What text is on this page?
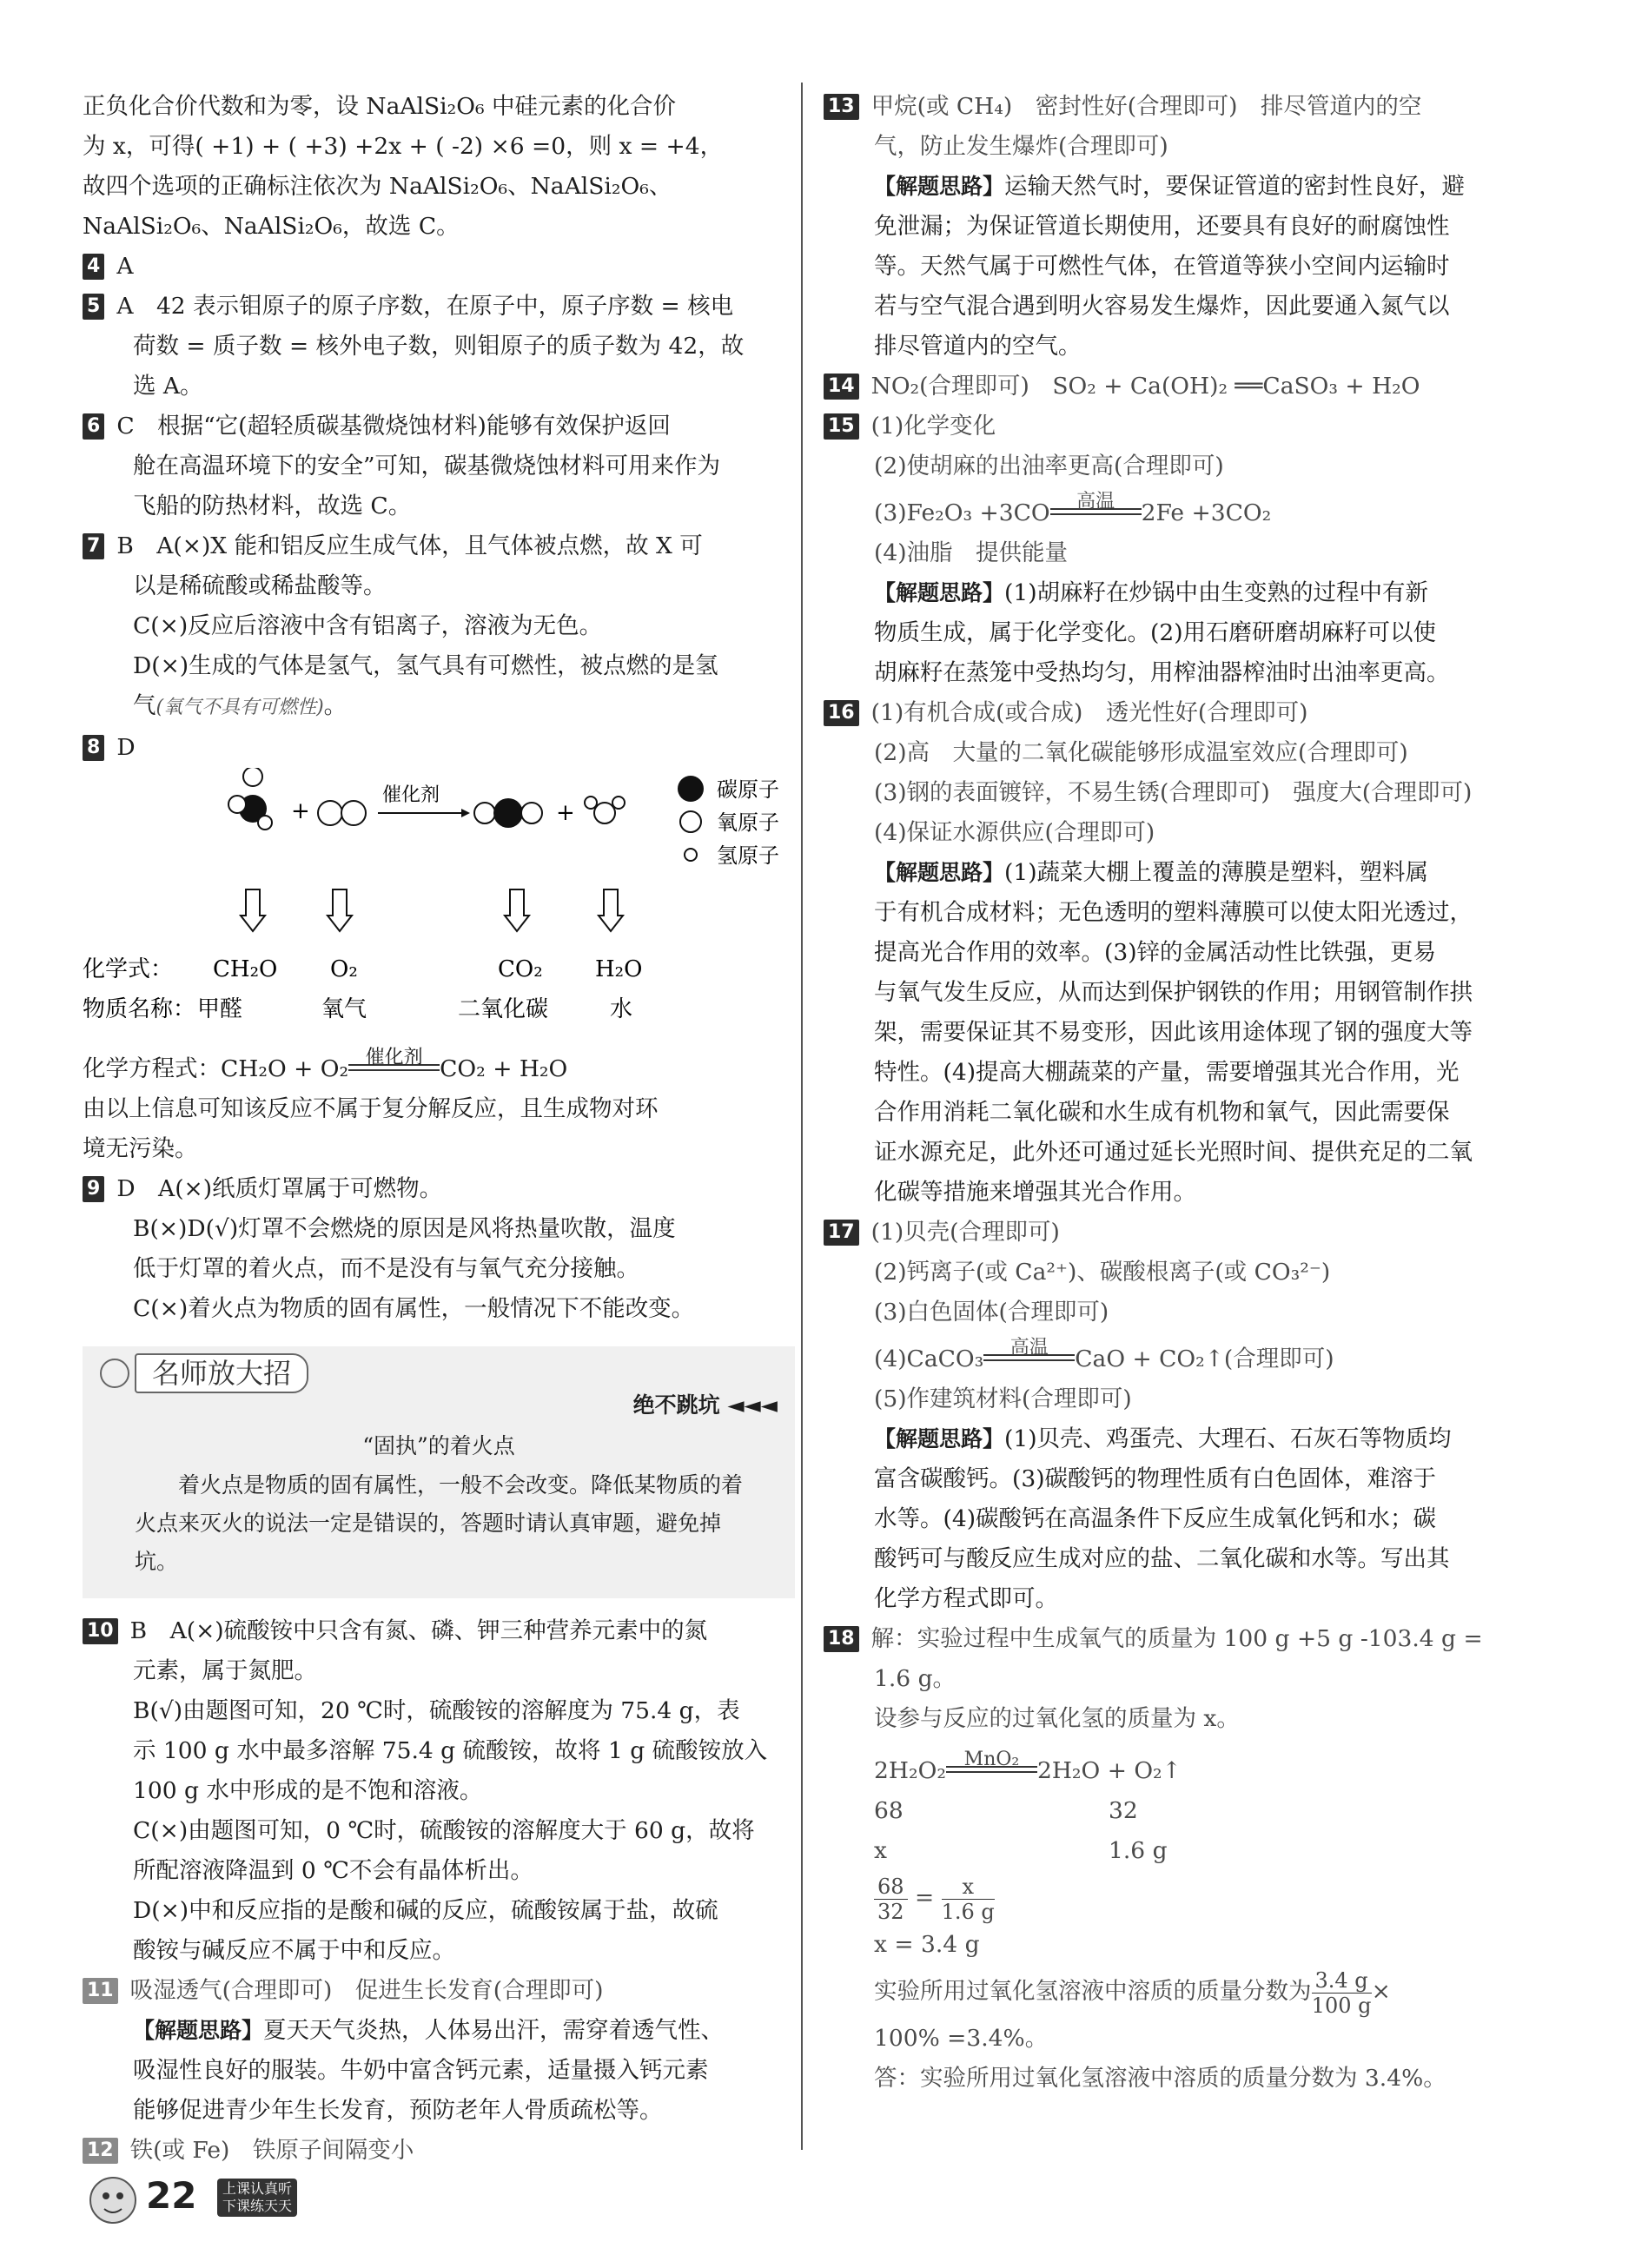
正负化合价代数和为零，设 NaAlSi₂O₆ 中硅元素的化合价

为 x，可得( +1) + ( +3) +2x + ( -2) ×6 =0，则 x = +4，

故四个选项的正确标注依次为 NaAlSi₂O₆、NaAlSi₂O₆、

NaAlSi₂O₆、NaAlSi₂O₆，故选 C。

4 A

5 A　42 表示钼原子的原子序数，在原子中，原子序数 = 核电

荷数 = 质子数 = 核外电子数，则钼原子的质子数为 42，故

选 A。

6 C　根据“它(超轻质碳基微烧蚀材料)能够有效保护返回

舱在高温环境下的安全”可知，碳基微烧蚀材料可用来作为

飞船的防热材料，故选 C。

7 B　A(×)X 能和铝反应生成气体，且气体被点燃，故 X 可

以是稀硫酸或稀盐酸等。

C(×)反应后溶液中含有铝离子，溶液为无色。

D(×)生成的气体是氢气，氢气具有可燃性，被点燃的是氢

气(氧气不具有可燃性)。

8 D

+
催化剂
+
碳原子
氧原子
氢原子
化学式： CH₂O O₂	CO₂ H₂O
物质名称： 甲醛	氧气	二氧化碳	水

化学方程式：CH₂O + O₂ 催化剂 CO₂ + H₂O

由以上信息可知该反应不属于复分解反应，且生成物对环

境无污染。

9 D　A(×)纸质灯罩属于可燃物。

B(×)D(√)灯罩不会燃烧的原因是风将热量吹散，温度

低于灯罩的着火点，而不是没有与氧气充分接触。

C(×)着火点为物质的固有属性，一般情况下不能改变。

名师放大招
绝不跳坑 ◄◄◄
“固执”的着火点
　　着火点是物质的固有属性，一般不会改变。降低某物质的着火点来灭火的说法一定是错误的，答题时请认真审题，避免掉坑。

10 B　A(×)硫酸铵中只含有氮、磷、钾三种营养元素中的氮

元素，属于氮肥。

B(√)由题图可知，20 ℃时，硫酸铵的溶解度为 75.4 g，表

示 100 g 水中最多溶解 75.4 g 硫酸铵，故将 1 g 硫酸铵放入

100 g 水中形成的是不饱和溶液。

C(×)由题图可知，0 ℃时，硫酸铵的溶解度大于 60 g，故将

所配溶液降温到 0 ℃不会有晶体析出。

D(×)中和反应指的是酸和碱的反应，硫酸铵属于盐，故硫

酸铵与碱反应不属于中和反应。

11 吸湿透气(合理即可)　促进生长发育(合理即可)

【解题思路】夏天天气炎热，人体易出汗，需穿着透气性、

吸湿性良好的服装。牛奶中富含钙元素，适量摄入钙元素

能够促进青少年生长发育，预防老年人骨质疏松等。

12 铁(或 Fe)　铁原子间隔变小

13 甲烷(或 CH₄)　密封性好(合理即可)　排尽管道内的空

气，防止发生爆炸(合理即可)

【解题思路】运输天然气时，要保证管道的密封性良好，避

免泄漏；为保证管道长期使用，还要具有良好的耐腐蚀性

等。天然气属于可燃性气体，在管道等狭小空间内运输时

若与空气混合遇到明火容易发生爆炸，因此要通入氮气以

排尽管道内的空气。

14 NO₂(合理即可)　SO₂ + Ca(OH)₂ ══CaSO₃ + H₂O

15 (1)化学变化

(2)使胡麻的出油率更高(合理即可)

(3)Fe₂O₃ +3CO	高温	2Fe +3CO₂

(4)油脂　提供能量

【解题思路】(1)胡麻籽在炒锅中由生变熟的过程中有新

物质生成，属于化学变化。(2)用石磨研磨胡麻籽可以使

胡麻籽在蒸笼中受热均匀，用榨油器榨油时出油率更高。

16 (1)有机合成(或合成)　透光性好(合理即可)

(2)高　大量的二氧化碳能够形成温室效应(合理即可)

(3)钢的表面镀锌，不易生锈(合理即可)　强度大(合理即可)

(4)保证水源供应(合理即可)

【解题思路】(1)蔬菜大棚上覆盖的薄膜是塑料，塑料属

于有机合成材料；无色透明的塑料薄膜可以使太阳光透过，

提高光合作用的效率。(3)锌的金属活动性比铁强，更易

与氧气发生反应，从而达到保护钢铁的作用；用钢管制作拱

架，需要保证其不易变形，因此该用途体现了钢的强度大等

特性。(4)提高大棚蔬菜的产量，需要增强其光合作用，光

合作用消耗二氧化碳和水生成有机物和氧气，因此需要保

证水源充足，此外还可通过延长光照时间、提供充足的二氧

化碳等措施来增强其光合作用。

17 (1)贝壳(合理即可)

(2)钙离子(或 Ca²⁺)、碳酸根离子(或 CO₃²⁻)

(3)白色固体(合理即可)

(4)CaCO₃	高温	CaO + CO₂↑(合理即可)

(5)作建筑材料(合理即可)

【解题思路】(1)贝壳、鸡蛋壳、大理石、石灰石等物质均

富含碳酸钙。(3)碳酸钙的物理性质有白色固体，难溶于

水等。(4)碳酸钙在高温条件下反应生成氧化钙和水；碳

酸钙可与酸反应生成对应的盐、二氧化碳和水等。写出其

化学方程式即可。

18 解：实验过程中生成氧气的质量为 100 g +5 g -103.4 g =

1.6 g。

设参与反应的过氧化氢的质量为 x。

2H₂O₂ MnO₂ 2H₂O + O₂↑

68	32

x	1.6 g

$\frac{68}{32} = \frac{x}{1.6 g}$

x = 3.4 g

实验所用过氧化氢溶液中溶质的质量分数为 $\frac{3.4 g}{100 g}$ ×

100% =3.4%。

答：实验所用过氧化氢溶液中溶质的质量分数为 3.4%。

22 上课认真听
下课练天天
